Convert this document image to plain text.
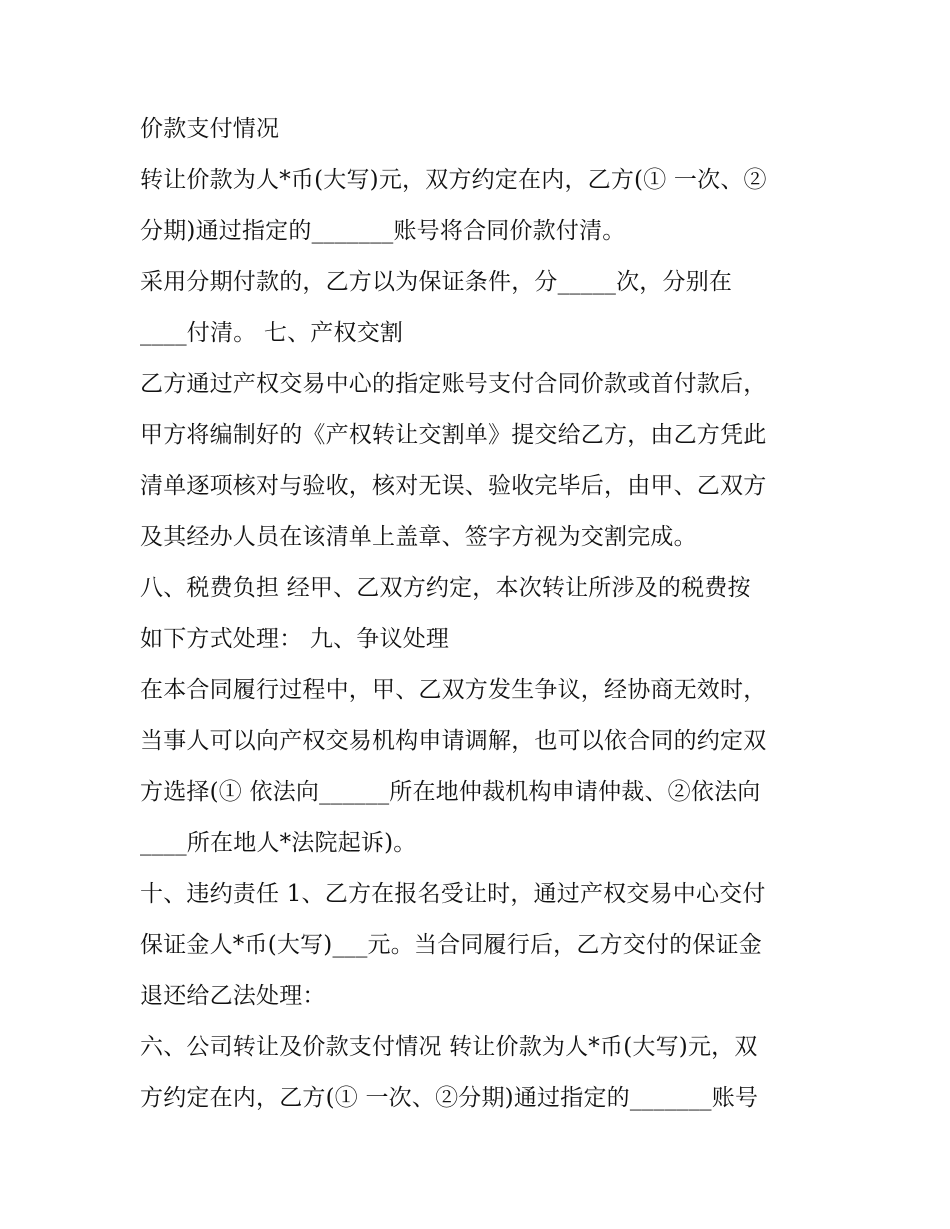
价款支付情况
转让价款为人*币(大写)元，双方约定在内，乙方(① 一次、②
分期)通过指定的_______账号将合同价款付清。
采用分期付款的，乙方以为保证条件，分_____次，分别在
____付清。 七、产权交割
乙方通过产权交易中心的指定账号支付合同价款或首付款后，
甲方将编制好的《产权转让交割单》提交给乙方，由乙方凭此
清单逐项核对与验收，核对无误、验收完毕后，由甲、乙双方
及其经办人员在该清单上盖章、签字方视为交割完成。
八、税费负担 经甲、乙双方约定，本次转让所涉及的税费按
如下方式处理： 九、争议处理
在本合同履行过程中，甲、乙双方发生争议，经协商无效时，
当事人可以向产权交易机构申请调解，也可以依合同的约定双
方选择(① 依法向______所在地仲裁机构申请仲裁、②依法向
____所在地人*法院起诉)。
十、违约责任 1、乙方在报名受让时，通过产权交易中心交付
保证金人*币(大写)___元。当合同履行后，乙方交付的保证金
退还给乙法处理：
六、公司转让及价款支付情况 转让价款为人*币(大写)元，双
方约定在内，乙方(① 一次、②分期)通过指定的_______账号
